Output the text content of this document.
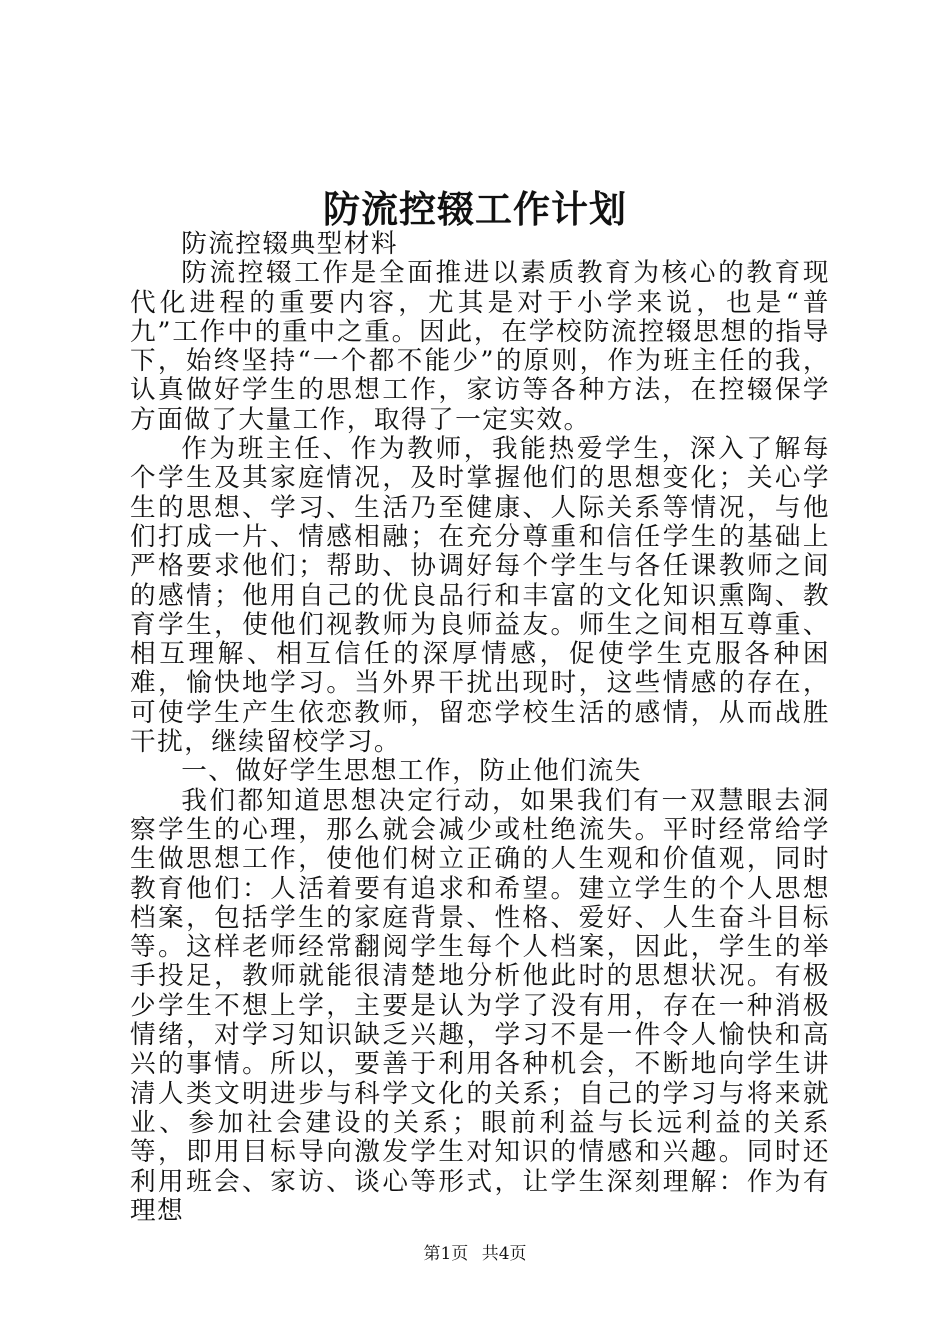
防流控辍工作计划

防流控辍典型材料

防流控辍工作是全面推进以素质教育为核心的教育现代化进程的重要内容，尤其是对于小学来说，也是“普九”工作中的重中之重。因此，在学校防流控辍思想的指导下，始终坚持“一个都不能少”的原则，作为班主任的我，认真做好学生的思想工作，家访等各种方法，在控辍保学方面做了大量工作，取得了一定实效。

作为班主任、作为教师，我能热爱学生，深入了解每个学生及其家庭情况，及时掌握他们的思想变化；关心学生的思想、学习、生活乃至健康、人际关系等情况，与他们打成一片、情感相融；在充分尊重和信任学生的基础上严格要求他们；帮助、协调好每个学生与各任课教师之间的感情；他用自己的优良品行和丰富的文化知识熏陶、教育学生，使他们视教师为良师益友。师生之间相互尊重、相互理解、相互信任的深厚情感，促使学生克服各种困难，愉快地学习。当外界干扰出现时，这些情感的存在，可使学生产生依恋教师，留恋学校生活的感情，从而战胜干扰，继续留校学习。

一、做好学生思想工作，防止他们流失

我们都知道思想决定行动，如果我们有一双慧眼去洞察学生的心理，那么就会减少或杜绝流失。平时经常给学生做思想工作，使他们树立正确的人生观和价值观，同时教育他们：人活着要有追求和希望。建立学生的个人思想档案，包括学生的家庭背景、性格、爱好、人生奋斗目标等。这样老师经常翻阅学生每个人档案，因此，学生的举手投足，教师就能很清楚地分析他此时的思想状况。有极少学生不想上学，主要是认为学了没有用，存在一种消极情绪，对学习知识缺乏兴趣，学习不是一件令人愉快和高兴的事情。所以，要善于利用各种机会，不断地向学生讲清人类文明进步与科学文化的关系；自己的学习与将来就业、参加社会建设的关系；眼前利益与长远利益的关系等，即用目标导向激发学生对知识的情感和兴趣。同时还利用班会、家访、谈心等形式，让学生深刻理解：作为有理想

第1页 共4页
